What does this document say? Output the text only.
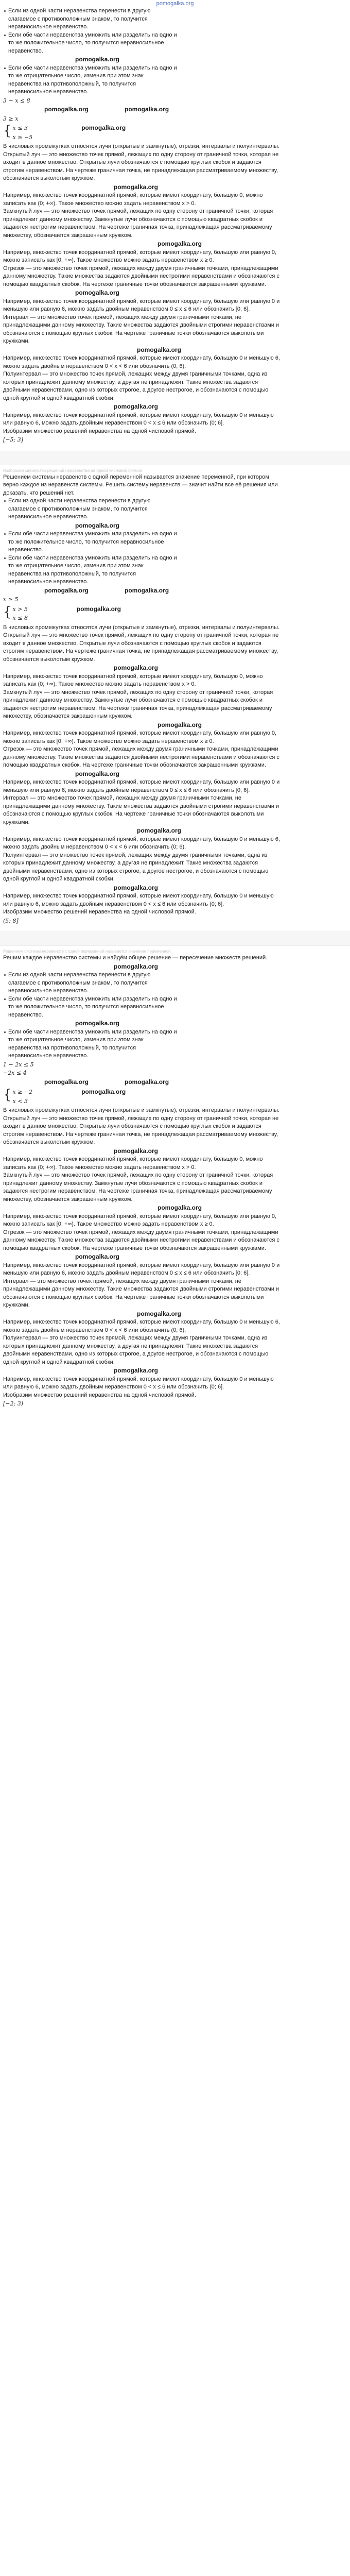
pomogalka.org

Если из одной части неравенства перенести в другую слагаемое с противоположным знаком, то получится неравносильное неравенство.

Если обе части неравенства умножить или разделить на одно и то же положительное число, то получится неравносильное неравенство.

pomogalka.org

Если обе части неравенства умножить или разделить на одно и то же отрицательное число, изменив при этом знак неравенства на противоположный, то получится неравносильное неравенство.

3 − x ≤ 8
pomogalka.org	pomogalka.org
3 ≥ x
{ x ≤ 3
x ≥ −5
pomogalka.org

В числовых промежутках относятся лучи (открытые и замкнутые), отрезки, интервалы и полуинтервалы.

Открытый луч — это множество точек прямой, лежащих по одну сторону от граничной точки, которая не входит в данное множество. Открытые лучи обозначаются с помощью круглых скобок и задаются строгим неравенством. На чертеже граничная точка, не принадлежащая рассматриваемому множеству, обозначается выколотым кружком.

pomogalka.org

Например, множество точек координатной прямой, которые имеют координату, большую 0, можно записать как (0; +∞). Такое множество можно задать неравенством x > 0.

Замкнутый луч — это множество точек прямой, лежащих по одну сторону от граничной точки, которая принадлежит данному множеству. Замкнутые лучи обозначаются с помощью квадратных скобок и задаются нестрогим неравенством. На чертеже граничная точка, принадлежащая рассматриваемому множеству, обозначается закрашенным кружком.

pomogalka.org

Например, множество точек координатной прямой, которые имеют координату, большую или равную 0, можно записать как [0; +∞). Такое множество можно задать неравенством x ≥ 0.

Отрезок — это множество точек прямой, лежащих между двумя граничными точками, принадлежащими данному множеству. Такие множества задаются двойными нестрогими неравенствами и обозначаются с помощью квадратных скобок. На чертеже граничные точки обозначаются закрашенными кружками.

pomogalka.org

Например, множество точек координатной прямой, которые имеют координату, большую или равную 0 и меньшую или равную 6, можно задать двойным неравенством 0 ≤ x ≤ 6 или обозначить [0; 6].

Интервал — это множество точек прямой, лежащих между двумя граничными точками, не принадлежащими данному множеству. Такие множества задаются двойными строгими неравенствами и обозначаются с помощью круглых скобок. На чертеже граничные точки обозначаются выколотыми кружками.

pomogalka.org

Например, множество точек координатной прямой, которые имеют координату, большую 0 и меньшую 6, можно задать двойным неравенством 0 < x < 6 или обозначить (0; 6).

Полуинтервал — это множество точек прямой, лежащих между двумя граничными точками, одна из которых принадлежит данному множеству, а другая не принадлежит. Такие множества задаются двойными неравенствами, одно из которых строгое, а другое нестрогое, и обозначаются с помощью одной круглой и одной квадратной скобки.

pomogalka.org

Например, множество точек координатной прямой, которые имеют координату, большую 0 и меньшую или равную 6, можно задать двойным неравенством 0 < x ≤ 6 или обозначить (0; 6].

Изобразим множество решений неравенства на одной числовой прямой.

[−5; 3]

Изобразим множество решений неравенства на одной числовой прямой.

Решением системы неравенств с одной переменной называется значение переменной, при котором верно каждое из неравенств системы. Решить систему неравенств — значит найти все её решения или доказать, что решений нет.

Если из одной части неравенства перенести в другую слагаемое с противоположным знаком, то получится неравносильное неравенство.

pomogalka.org

Если обе части неравенства умножить или разделить на одно и то же положительное число, то получится неравносильное неравенство.

Если обе части неравенства умножить или разделить на одно и то же отрицательное число, изменив при этом знак неравенства на противоположный, то получится неравносильное неравенство.

pomogalka.org	pomogalka.org
x ≥ 5
{ x > 5
x ≤ 8
pomogalka.org

В числовых промежутках относятся лучи (открытые и замкнутые), отрезки, интервалы и полуинтервалы.

Открытый луч — это множество точек прямой, лежащих по одну сторону от граничной точки, которая не входит в данное множество. Открытые лучи обозначаются с помощью круглых скобок и задаются строгим неравенством. На чертеже граничная точка, не принадлежащая рассматриваемому множеству, обозначается выколотым кружком.

pomogalka.org

Например, множество точек координатной прямой, которые имеют координату, большую 0, можно записать как (0; +∞). Такое множество можно задать неравенством x > 0.

Замкнутый луч — это множество точек прямой, лежащих по одну сторону от граничной точки, которая принадлежит данному множеству. Замкнутые лучи обозначаются с помощью квадратных скобок и задаются нестрогим неравенством. На чертеже граничная точка, принадлежащая рассматриваемому множеству, обозначается закрашенным кружком.

pomogalka.org

Например, множество точек координатной прямой, которые имеют координату, большую или равную 0, можно записать как [0; +∞). Такое множество можно задать неравенством x ≥ 0.

Отрезок — это множество точек прямой, лежащих между двумя граничными точками, принадлежащими данному множеству. Такие множества задаются двойными нестрогими неравенствами и обозначаются с помощью квадратных скобок. На чертеже граничные точки обозначаются закрашенными кружками.

pomogalka.org

Например, множество точек координатной прямой, которые имеют координату, большую или равную 0 и меньшую или равную 6, можно задать двойным неравенством 0 ≤ x ≤ 6 или обозначить [0; 6].

Интервал — это множество точек прямой, лежащих между двумя граничными точками, не принадлежащими данному множеству. Такие множества задаются двойными строгими неравенствами и обозначаются с помощью круглых скобок. На чертеже граничные точки обозначаются выколотыми кружками.

pomogalka.org

Например, множество точек координатной прямой, которые имеют координату, большую 0 и меньшую 6, можно задать двойным неравенством 0 < x < 6 или обозначить (0; 6).

Полуинтервал — это множество точек прямой, лежащих между двумя граничными точками, одна из которых принадлежит данному множеству, а другая не принадлежит. Такие множества задаются двойными неравенствами, одно из которых строгое, а другое нестрогое, и обозначаются с помощью одной круглой и одной квадратной скобки.

pomogalka.org

Например, множество точек координатной прямой, которые имеют координату, большую 0 и меньшую или равную 6, можно задать двойным неравенством 0 < x ≤ 6 или обозначить (0; 6].

Изобразим множество решений неравенства на одной числовой прямой.

(5; 8]

Решением системы неравенств с одной переменной называется значение переменной.

Решим каждое неравенство системы и найдём общее решение — пересечение множеств решений.

pomogalka.org

Если из одной части неравенства перенести в другую слагаемое с противоположным знаком, то получится неравносильное неравенство.

Если обе части неравенства умножить или разделить на одно и то же положительное число, то получится неравносильное неравенство.

pomogalka.org

Если обе части неравенства умножить или разделить на одно и то же отрицательное число, изменив при этом знак неравенства на противоположный, то получится неравносильное неравенство.

1 − 2x ≤ 5
−2x ≤ 4
pomogalka.org	pomogalka.org
{ x ≥ −2
x < 3
pomogalka.org

В числовых промежутках относятся лучи (открытые и замкнутые), отрезки, интервалы и полуинтервалы.

Открытый луч — это множество точек прямой, лежащих по одну сторону от граничной точки, которая не входит в данное множество. Открытые лучи обозначаются с помощью круглых скобок и задаются строгим неравенством. На чертеже граничная точка, не принадлежащая рассматриваемому множеству, обозначается выколотым кружком.

pomogalka.org

Например, множество точек координатной прямой, которые имеют координату, большую 0, можно записать как (0; +∞). Такое множество можно задать неравенством x > 0.

Замкнутый луч — это множество точек прямой, лежащих по одну сторону от граничной точки, которая принадлежит данному множеству. Замкнутые лучи обозначаются с помощью квадратных скобок и задаются нестрогим неравенством. На чертеже граничная точка, принадлежащая рассматриваемому множеству, обозначается закрашенным кружком.

pomogalka.org

Например, множество точек координатной прямой, которые имеют координату, большую или равную 0, можно записать как [0; +∞). Такое множество можно задать неравенством x ≥ 0.

Отрезок — это множество точек прямой, лежащих между двумя граничными точками, принадлежащими данному множеству. Такие множества задаются двойными нестрогими неравенствами и обозначаются с помощью квадратных скобок. На чертеже граничные точки обозначаются закрашенными кружками.

pomogalka.org

Например, множество точек координатной прямой, которые имеют координату, большую или равную 0 и меньшую или равную 6, можно задать двойным неравенством 0 ≤ x ≤ 6 или обозначить [0; 6].

Интервал — это множество точек прямой, лежащих между двумя граничными точками, не принадлежащими данному множеству. Такие множества задаются двойными строгими неравенствами и обозначаются с помощью круглых скобок. На чертеже граничные точки обозначаются выколотыми кружками.

pomogalka.org

Например, множество точек координатной прямой, которые имеют координату, большую 0 и меньшую 6, можно задать двойным неравенством 0 < x < 6 или обозначить (0; 6).

Полуинтервал — это множество точек прямой, лежащих между двумя граничными точками, одна из которых принадлежит данному множеству, а другая не принадлежит. Такие множества задаются двойными неравенствами, одно из которых строгое, а другое нестрогое, и обозначаются с помощью одной круглой и одной квадратной скобки.

pomogalka.org

Например, множество точек координатной прямой, которые имеют координату, большую 0 и меньшую или равную 6, можно задать двойным неравенством 0 < x ≤ 6 или обозначить (0; 6].

Изобразим множество решений неравенства на одной числовой прямой.

[−2; 3)
